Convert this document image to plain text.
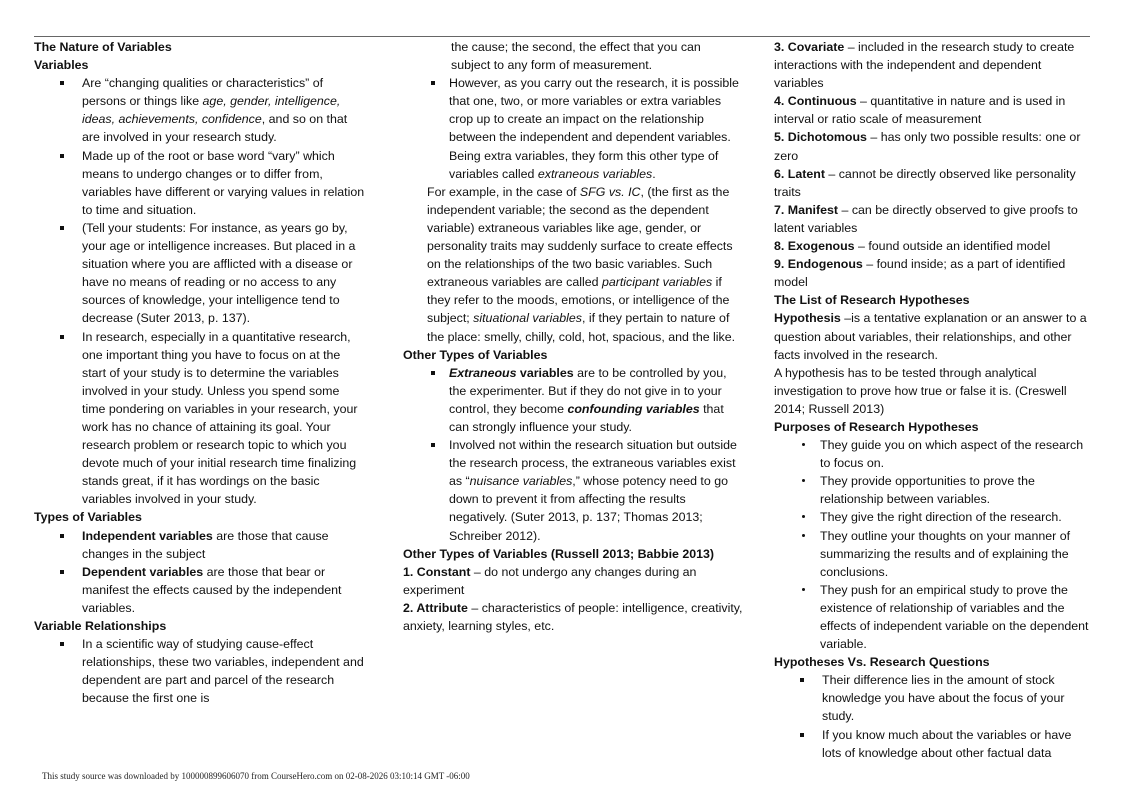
The Nature of Variables
Variables
Are “changing qualities or characteristics” of persons or things like age, gender, intelligence, ideas, achievements, confidence, and so on that are involved in your research study.
Made up of the root or base word “vary” which means to undergo changes or to differ from, variables have different or varying values in relation to time and situation.
(Tell your students: For instance, as years go by, your age or intelligence increases. But placed in a situation where you are afflicted with a disease or have no means of reading or no access to any sources of knowledge, your intelligence tend to decrease (Suter 2013, p. 137).
In research, especially in a quantitative research, one important thing you have to focus on at the start of your study is to determine the variables involved in your study. Unless you spend some time pondering on variables in your research, your work has no chance of attaining its goal. Your research problem or research topic to which you devote much of your initial research time finalizing stands great, if it has wordings on the basic variables involved in your study.
Types of Variables
Independent variables are those that cause changes in the subject
Dependent variables are those that bear or manifest the effects caused by the independent variables.
Variable Relationships
In a scientific way of studying cause-effect relationships, these two variables, independent and dependent are part and parcel of the research because the first one is
the cause; the second, the effect that you can subject to any form of measurement.
However, as you carry out the research, it is possible that one, two, or more variables or extra variables crop up to create an impact on the relationship between the independent and dependent variables. Being extra variables, they form this other type of variables called extraneous variables.
For example, in the case of SFG vs. IC, (the first as the independent variable; the second as the dependent variable) extraneous variables like age, gender, or personality traits may suddenly surface to create effects on the relationships of the two basic variables. Such extraneous variables are called participant variables if they refer to the moods, emotions, or intelligence of the subject; situational variables, if they pertain to nature of the place: smelly, chilly, cold, hot, spacious, and the like.
Other Types of Variables
Extraneous variables are to be controlled by you, the experimenter. But if they do not give in to your control, they become confounding variables that can strongly influence your study.
Involved not within the research situation but outside the research process, the extraneous variables exist as “nuisance variables,” whose potency need to go down to prevent it from affecting the results negatively. (Suter 2013, p. 137; Thomas 2013; Schreiber 2012).
Other Types of Variables (Russell 2013; Babbie 2013)
1. Constant – do not undergo any changes during an experiment
2. Attribute – characteristics of people: intelligence, creativity, anxiety, learning styles, etc.
3. Covariate – included in the research study to create interactions with the independent and dependent variables
4. Continuous – quantitative in nature and is used in interval or ratio scale of measurement
5. Dichotomous – has only two possible results: one or zero
6. Latent – cannot be directly observed like personality traits
7. Manifest – can be directly observed to give proofs to latent variables
8. Exogenous – found outside an identified model
9. Endogenous – found inside; as a part of identified model
The List of Research Hypotheses
Hypothesis –is a tentative explanation or an answer to a question about variables, their relationships, and other facts involved in the research.
A hypothesis has to be tested through analytical investigation to prove how true or false it is. (Creswell 2014; Russell 2013)
Purposes of Research Hypotheses
They guide you on which aspect of the research to focus on.
They provide opportunities to prove the relationship between variables.
They give the right direction of the research.
They outline your thoughts on your manner of summarizing the results and of explaining the conclusions.
They push for an empirical study to prove the existence of relationship of variables and the effects of independent variable on the dependent variable.
Hypotheses Vs. Research Questions
Their difference lies in the amount of stock knowledge you have about the focus of your study.
If you know much about the variables or have lots of knowledge about other factual data
This study source was downloaded by 100000899606070 from CourseHero.com on 02-08-2026 03:10:14 GMT -06:00
